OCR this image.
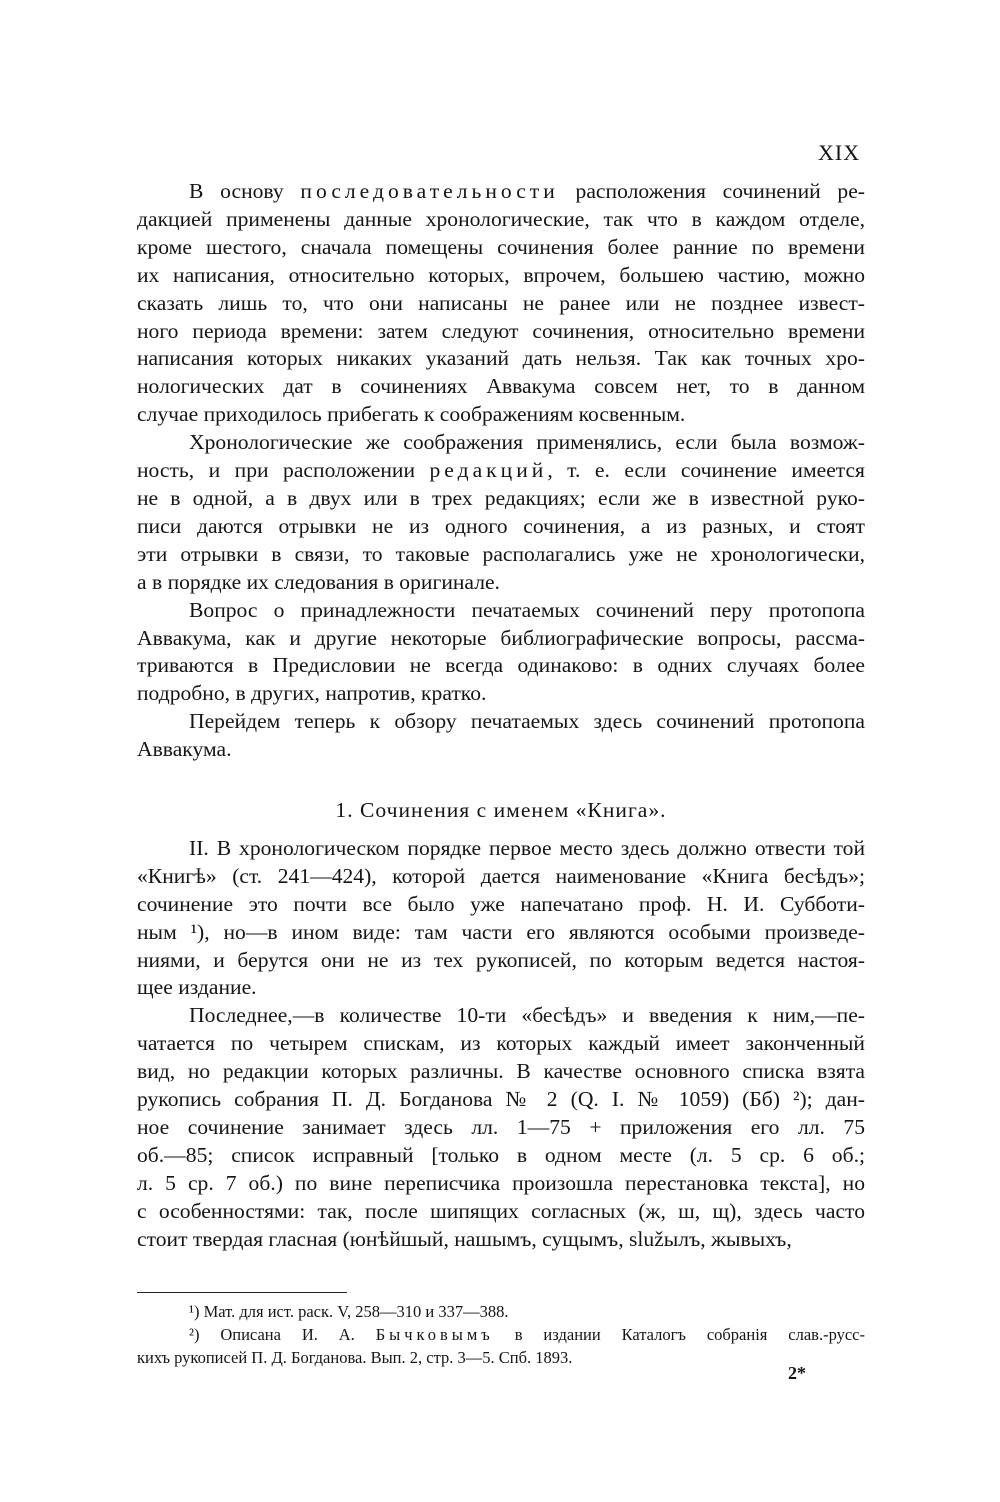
XIX
В основу последовательности расположения сочинений ре-
дакцией применены данные хронологические, так что в каждом отделе,
кроме шестого, сначала помещены сочинения более ранние по времени
их написания, относительно которых, впрочем, большею частию, можно
сказать лишь то, что они написаны не ранее или не позднее извест-
ного периода времени: затем следуют сочинения, относительно времени
написания которых никаких указаний дать нельзя. Так как точных хро-
нологических дат в сочинениях Аввакума совсем нет, то в данном
случае приходилось прибегать к соображениям косвенным.
Хронологические же соображения применялись, если была возмож-
ность, и при расположении редакций, т. е. если сочинение имеется
не в одной, а в двух или в трех редакциях; если же в известной руко-
писи даются отрывки не из одного сочинения, а из разных, и стоят
эти отрывки в связи, то таковые располагались уже не хронологически,
а в порядке их следования в оригинале.
Вопрос о принадлежности печатаемых сочинений перу протопопа
Аввакума, как и другие некоторые библиографические вопросы, рассма-
триваются в Предисловии не всегда одинаково: в одних случаях более
подробно, в других, напротив, кратко.
Перейдем теперь к обзору печатаемых здесь сочинений протопопа
Аввакума.
1. Сочинения с именем «Книга».
II. В хронологическом порядке первое место здесь должно отвести той
«Книгѣ» (ст. 241—424), которой дается наименование «Книга бесѣдъ»;
сочинение это почти все было уже напечатано проф. Н. И. Субботи-
ным ¹), но—в ином виде: там части его являются особыми произведе-
ниями, и берутся они не из тех рукописей, по которым ведется настоя-
щее издание.
Последнее,—в количестве 10-ти «бесѣдъ» и введения к ним,—пе-
чатается по четырем спискам, из которых каждый имеет законченный
вид, но редакции которых различны. В качестве основного списка взята
рукопись собрания П. Д. Богданова № 2 (Q. I. № 1059) (Бб) ²); дан-
ное сочинение занимает здесь лл. 1—75 + приложения его лл. 75
об.—85; список исправный [только в одном месте (л. 5 ср. 6 об.;
л. 5 ср. 7 об.) по вине переписчика произошла перестановка текста], но
с особенностями: так, после шипящих согласных (ж, ш, щ), здесь часто
стоит твердая гласная (юнѣйшый, нашымъ, сущымъ, služылъ, жывыхъ,
¹) Мат. для ист. раск. V, 258—310 и 337—388.
²) Описана И. А. Бычковымъ в издании Каталогъ собранія слав.-русс-
кихъ рукописей П. Д. Богданова. Вып. 2, стр. 3—5. Спб. 1893.
2*
